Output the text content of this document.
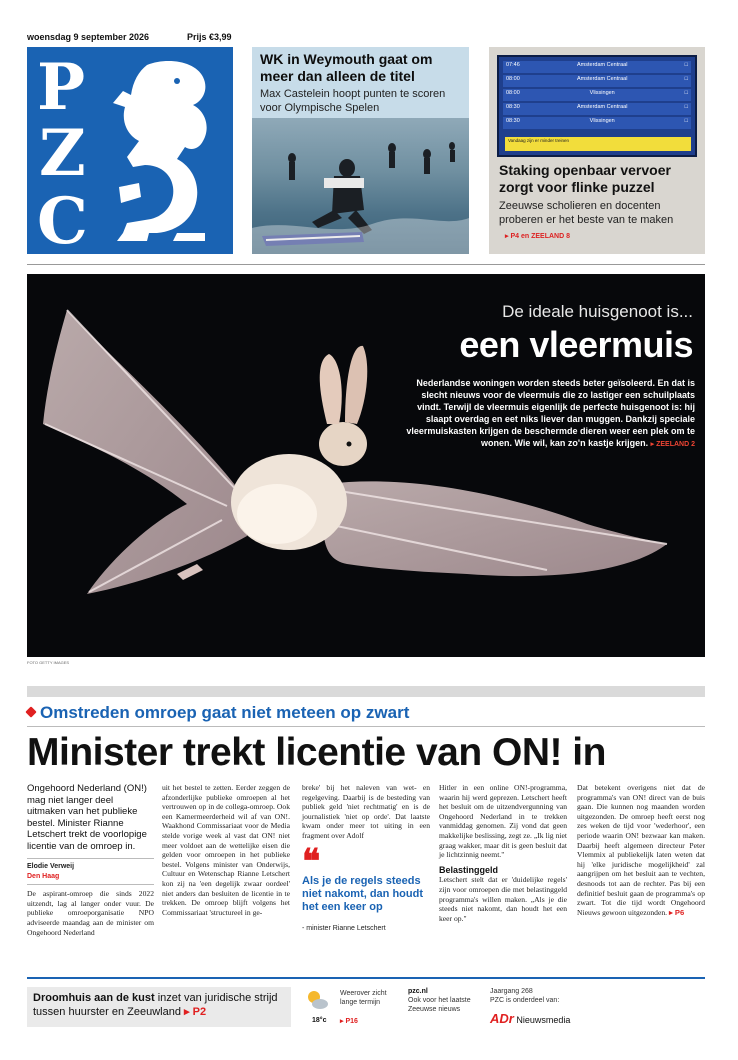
woensdag 9 september 2026	Prijs €3,99
P
Z
C
WK in Weymouth gaat om meer dan alleen de titel
Max Castelein hoopt punten te scoren voor Olympische Spelen
07:46	Amsterdam Centraal	□
08:00	Amsterdam Centraal	□
08:00	Vlissingen	□
08:30	Amsterdam Centraal	□
08:30	Vlissingen	□
Vandaag zijn er minder treinen
Staking openbaar vervoer zorgt voor flinke puzzel
Zeeuwse scholieren en docenten proberen er het beste van te maken
▸ P4 en ZEELAND 8
De ideale huisgenoot is...
een vleermuis
Nederlandse woningen worden steeds beter geïsoleerd. En dat is slecht nieuws voor de vleermuis die zo lastiger een schuilplaats vindt. Terwijl de vleermuis eigenlijk de perfecte huisgenoot is: hij slaapt overdag en eet niks liever dan muggen. Dankzij speciale vleermuiskasten krijgen de beschermde dieren weer een plek om te wonen. Wie wil, kan zo'n kastje krijgen. ▸ ZEELAND 2
FOTO GETTY IMAGES
Omstreden omroep gaat niet meteen op zwart
Minister trekt licentie van ON! in
Ongehoord Nederland (ON!) mag niet langer deel uitmaken van het publieke bestel. Minister Rianne Letschert trekt de voorlopige licentie van de omroep in.
Elodie Verweij
Den Haag
De aspirant-omroep die sinds 2022 uitzendt, lag al langer onder vuur. De publieke omroeporganisatie NPO adviseerde maandag aan de minister om Ongehoord Nederland
uit het bestel te zetten. Eerder zeggen de afzonderlijke publieke omroepen al het vertrouwen op in de collega-omroep. Ook een Kamermeerderheid wil af van ON!. Waakhond Commissariaat voor de Media stelde vorige week al vast dat ON! niet meer voldoet aan de wettelijke eisen die gelden voor omroepen in het publieke bestel. Volgens minister van Onderwijs, Cultuur en Wetenschap Rianne Letschert kon zij na 'een degelijk zwaar oordeel' niet anders dan besluiten de licentie in te trekken. De omroep blijft volgens het Commissariaat 'structureel in ge-
breke' bij het naleven van wet- en regelgeving. Daarbij is de besteding van publiek geld 'niet rechtmatig' en is de journalistiek 'niet op orde'. Dat laatste kwam onder meer tot uiting in een fragment over Adolf
❝
Als je de regels steeds niet nakomt, dan houdt het een keer op
- minister Rianne Letschert
Hitler in een online ON!-programma, waarin hij werd geprezen. Letschert heeft het besluit om de uitzendvergunning van Ongehoord Nederland in te trekken vanmiddag genomen. Zij vond dat geen makkelijke beslissing, zegt ze. „Ik lig niet graag wakker, maar dit is geen besluit dat je lichtzinnig neemt."
Belastinggeld
Letschert stelt dat er 'duidelijke regels' zijn voor omroepen die met belastinggeld programma's willen maken. „Als je die steeds niet nakomt, dan houdt het een keer op."
Dat betekent overigens niet dat de programma's van ON! direct van de buis gaan. Die kunnen nog maanden worden uitgezonden. De omroep heeft eerst nog zes weken de tijd voor 'wederhoor', een periode waarin ON! bezwaar kan maken. Daarbij heeft algemeen directeur Peter Vlemmix al publiekelijk laten weten dat hij 'elke juridische mogelijkheid' zal aangrijpen om het besluit aan te vechten, desnoods tot aan de rechter. Pas bij een definitief besluit gaan de programma's op zwart. Tot die tijd wordt Ongehoord Nieuws gewoon uitgezonden. ▸ P6
Droomhuis aan de kust inzet van juridische strijd tussen huurster en Zeeuwland ▸ P2
Weerover zicht lange termijn
18°c ▸ P16
pzc.nl
Ook voor het laatste Zeeuwse nieuws
Jaargang 268
PZC is onderdeel van:
ADr Nieuwsmedia
